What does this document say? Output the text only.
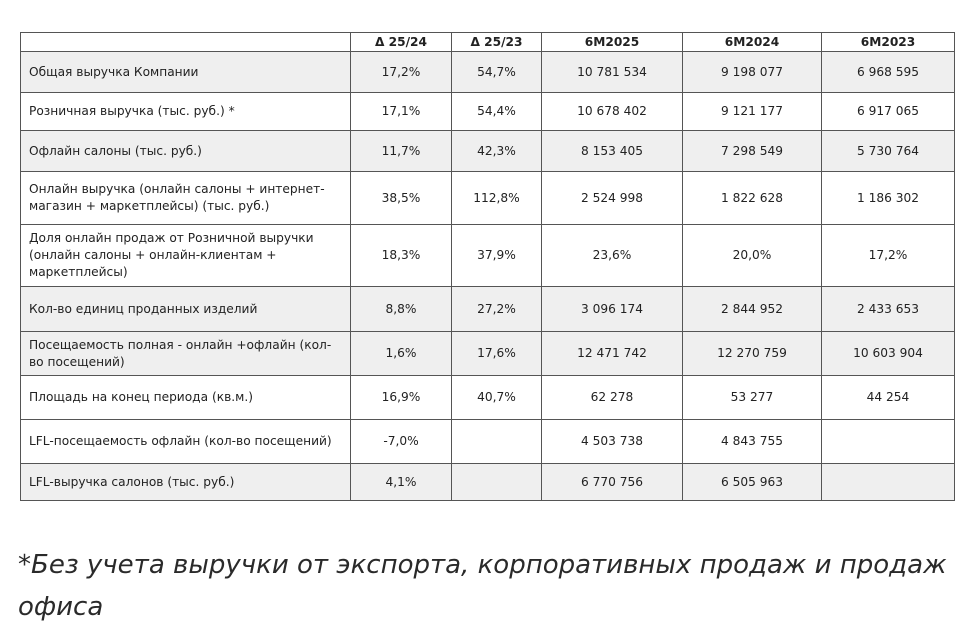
	Δ 25/24	Δ 25/23	6М2025	6М2024	6М2023
Общая выручка Компании	17,2%	54,7%	10 781 534	9 198 077	6 968 595
Розничная выручка (тыс. руб.) *	17,1%	54,4%	10 678 402	9 121 177	6 917 065
Офлайн салоны (тыс. руб.)	11,7%	42,3%	8 153 405	7 298 549	5 730 764
Онлайн выручка (онлайн салоны + интернет-магазин + маркетплейсы) (тыс. руб.)	38,5%	112,8%	2 524 998	1 822 628	1 186 302
Доля онлайн продаж от Розничной выручки (онлайн салоны + онлайн-клиентам + маркетплейсы)	18,3%	37,9%	23,6%	20,0%	17,2%
Кол-во единиц проданных изделий	8,8%	27,2%	3 096 174	2 844 952	2 433 653
Посещаемость полная - онлайн +офлайн (кол-во посещений)	1,6%	17,6%	12 471 742	12 270 759	10 603 904
Площадь на конец периода (кв.м.)	16,9%	40,7%	62 278	53 277	44 254
LFL-посещаемость офлайн (кол-во посещений)	-7,0%		4 503 738	4 843 755	
LFL-выручка салонов (тыс. руб.)	4,1%		6 770 756	6 505 963	

*Без учета выручки от экспорта, корпоративных продаж и продаж офиса
